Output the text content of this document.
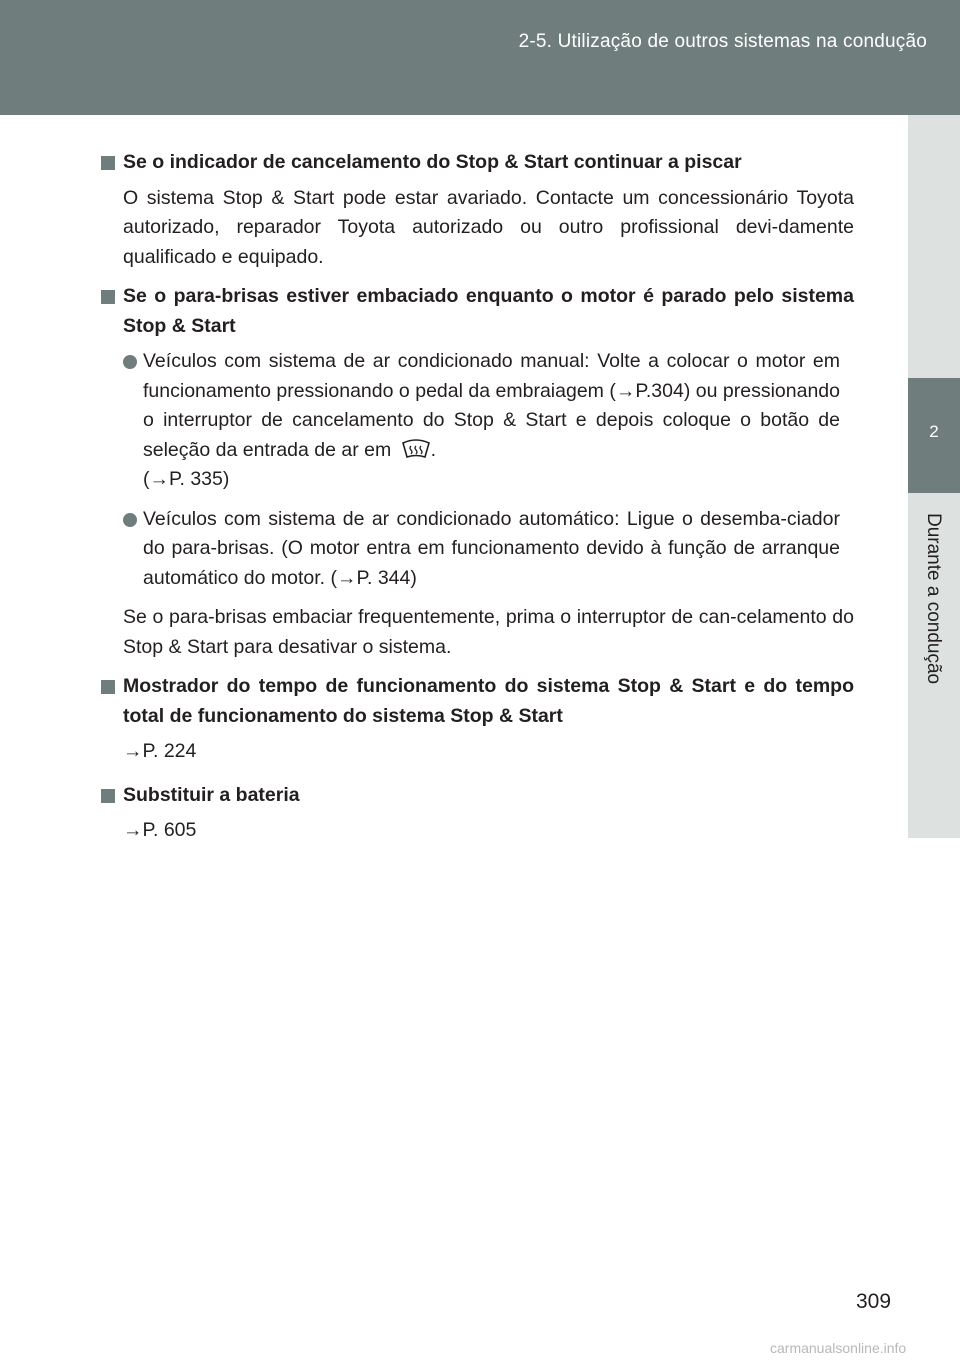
2-5. Utilização de outros sistemas na condução
2
Durante a condução
Se o indicador de cancelamento do Stop & Start continuar a piscar

O sistema Stop & Start pode estar avariado. Contacte um concessionário Toyota autorizado, reparador Toyota autorizado ou outro profissional devi-damente qualificado e equipado.

Se o para-brisas estiver embaciado enquanto o motor é parado pelo sistema Stop & Start
Veículos com sistema de ar condicionado manual: Volte a colocar o motor em funcionamento pressionando o pedal da embraiagem (→P.304) ou pressionando o interruptor de cancelamento do Stop & Start e depois coloque o botão de seleção da entrada de ar em .
(→P. 335)
Veículos com sistema de ar condicionado automático: Ligue o desemba-ciador do para-brisas. (O motor entra em funcionamento devido à função de arranque automático do motor. (→P. 344)

Se o para-brisas embaciar frequentemente, prima o interruptor de can-celamento do Stop & Start para desativar o sistema.

Mostrador do tempo de funcionamento do sistema Stop & Start e do tempo total de funcionamento do sistema Stop & Start
→P. 224
Substituir a bateria
→P. 605
309
carmanualsonline.info
